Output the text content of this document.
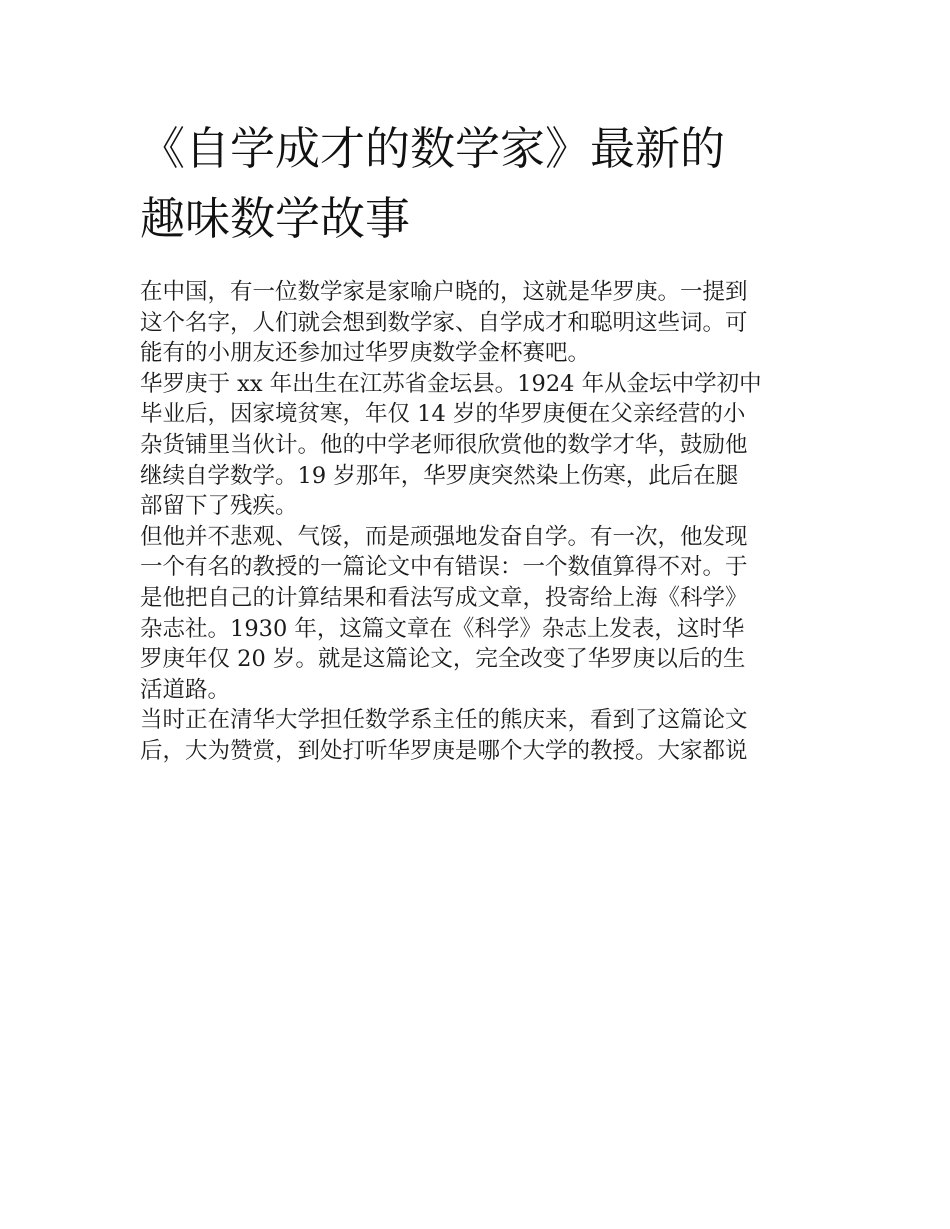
《自学成才的数学家》最新的
趣味数学故事

在中国，有一位数学家是家喻户晓的，这就是华罗庚。一提到
这个名字，人们就会想到数学家、自学成才和聪明这些词。可
能有的小朋友还参加过华罗庚数学金杯赛吧。

华罗庚于 xx 年出生在江苏省金坛县。1924 年从金坛中学初中
毕业后，因家境贫寒，年仅 14 岁的华罗庚便在父亲经营的小
杂货铺里当伙计。他的中学老师很欣赏他的数学才华，鼓励他
继续自学数学。19 岁那年，华罗庚突然染上伤寒，此后在腿
部留下了残疾。

但他并不悲观、气馁，而是顽强地发奋自学。有一次，他发现
一个有名的教授的一篇论文中有错误：一个数值算得不对。于
是他把自己的计算结果和看法写成文章，投寄给上海《科学》
杂志社。1930 年，这篇文章在《科学》杂志上发表，这时华
罗庚年仅 20 岁。就是这篇论文，完全改变了华罗庚以后的生
活道路。

当时正在清华大学担任数学系主任的熊庆来，看到了这篇论文
后，大为赞赏，到处打听华罗庚是哪个大学的教授。大家都说
